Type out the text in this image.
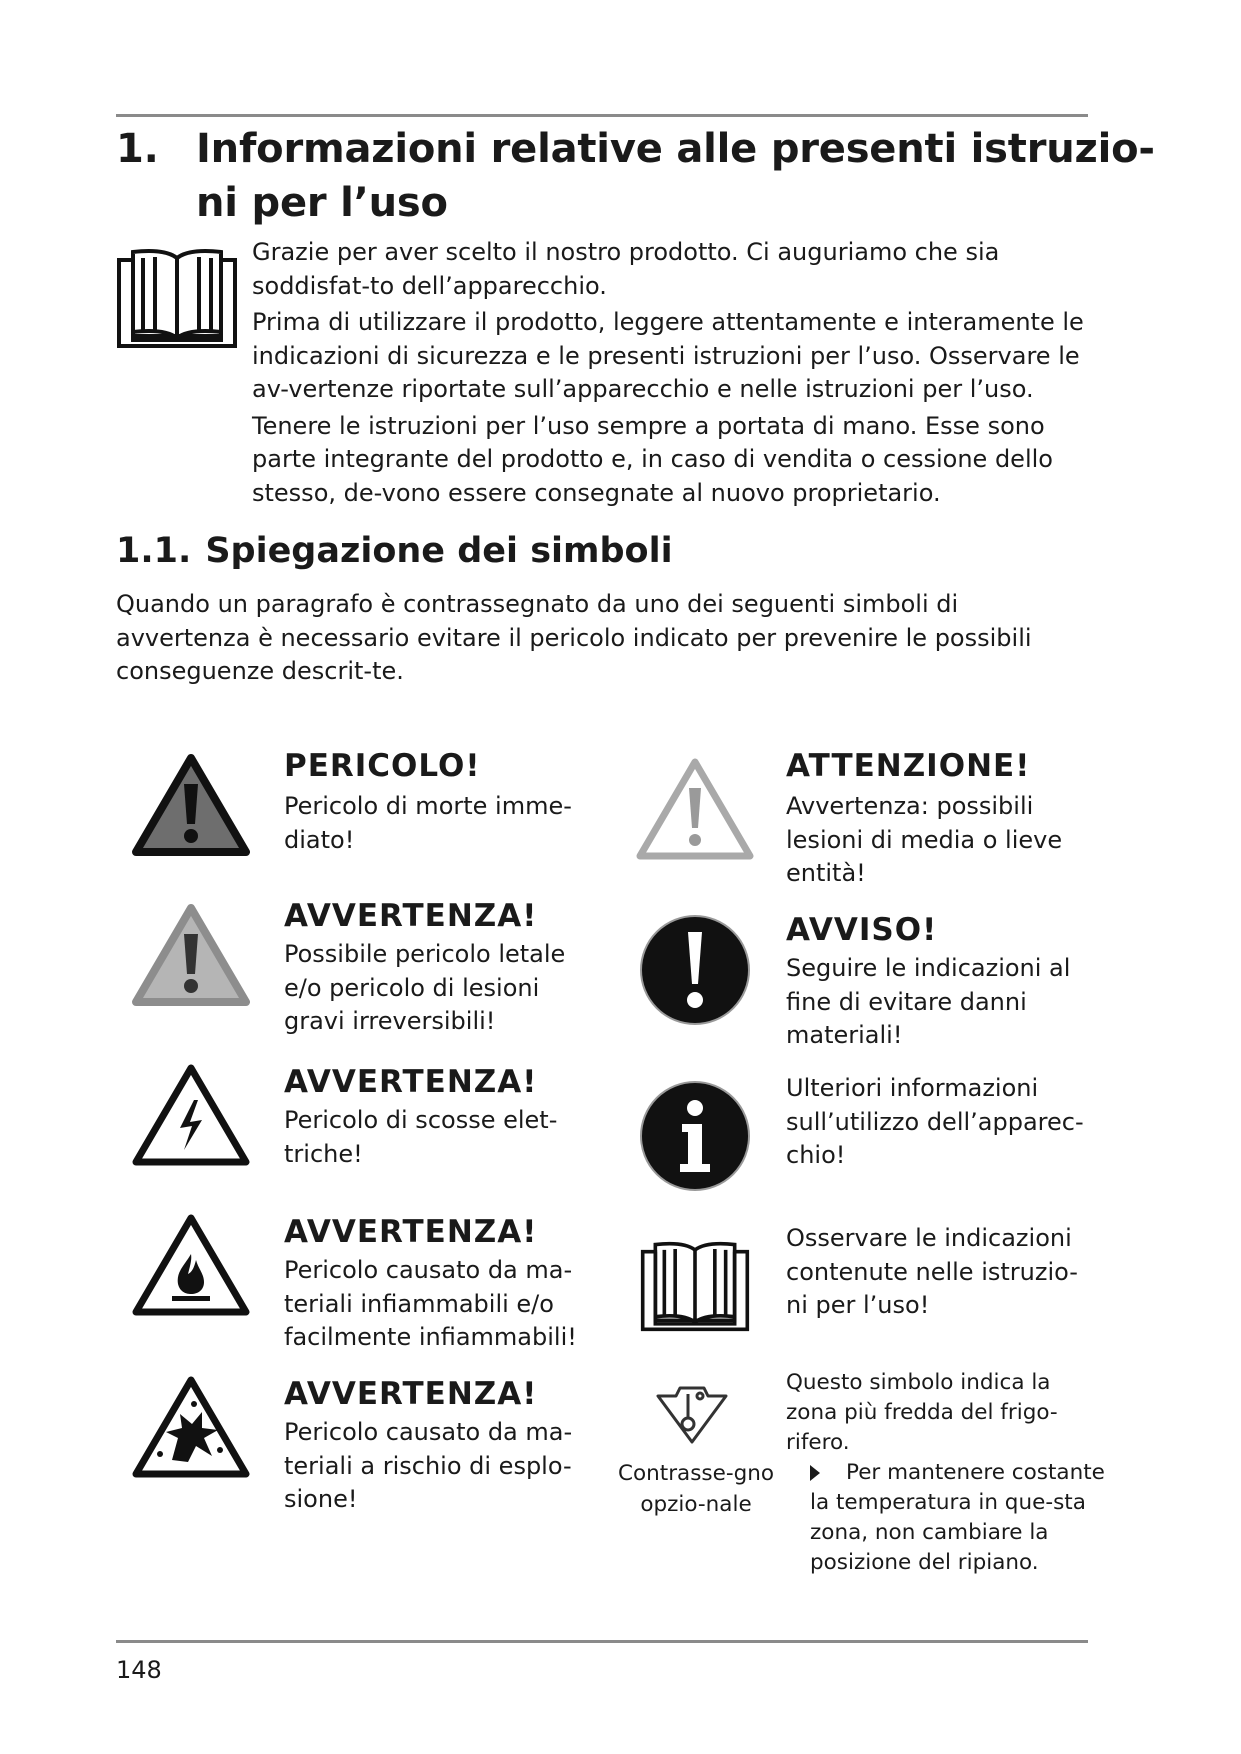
1. Informazioni relative alle presenti istruzio-
ni per l’uso

Grazie per aver scelto il nostro prodotto. Ci auguriamo che sia soddisfat-to dell’apparecchio.

Prima di utilizzare il prodotto, leggere attentamente e interamente le indicazioni di sicurezza e le presenti istruzioni per l’uso. Osservare le av-vertenze riportate sull’apparecchio e nelle istruzioni per l’uso.

Tenere le istruzioni per l’uso sempre a portata di mano. Esse sono parte integrante del prodotto e, in caso di vendita o cessione dello stesso, de-vono essere consegnate al nuovo proprietario.

1.1. Spiegazione dei simboli
Quando un paragrafo è contrassegnato da uno dei seguenti simboli di avvertenza è necessario evitare il pericolo indicato per prevenire le possibili conseguenze descrit-te.
PERICOLO!
Pericolo di morte imme-diato!
AVVERTENZA!
Possibile pericolo letale e/o pericolo di lesioni gravi irreversibili!
AVVERTENZA!
Pericolo di scosse elet-triche!
AVVERTENZA!
Pericolo causato da ma-teriali infiammabili e/o facilmente infiammabili!
AVVERTENZA!
Pericolo causato da ma-teriali a rischio di esplo-sione!
ATTENZIONE!
Avvertenza: possibili lesioni di media o lieve entità!
AVVISO!
Seguire le indicazioni al fine di evitare danni materiali!
Ulteriori informazioni sull’utilizzo dell’apparec-chio!
Osservare le indicazioni contenute nelle istruzio-ni per l’uso!
Questo simbolo indica la zona più fredda del frigo-rifero.
Contrasse-gno opzio-nale
Per mantenere costante la temperatura in que-sta zona, non cambiare la posizione del ripiano.
148
